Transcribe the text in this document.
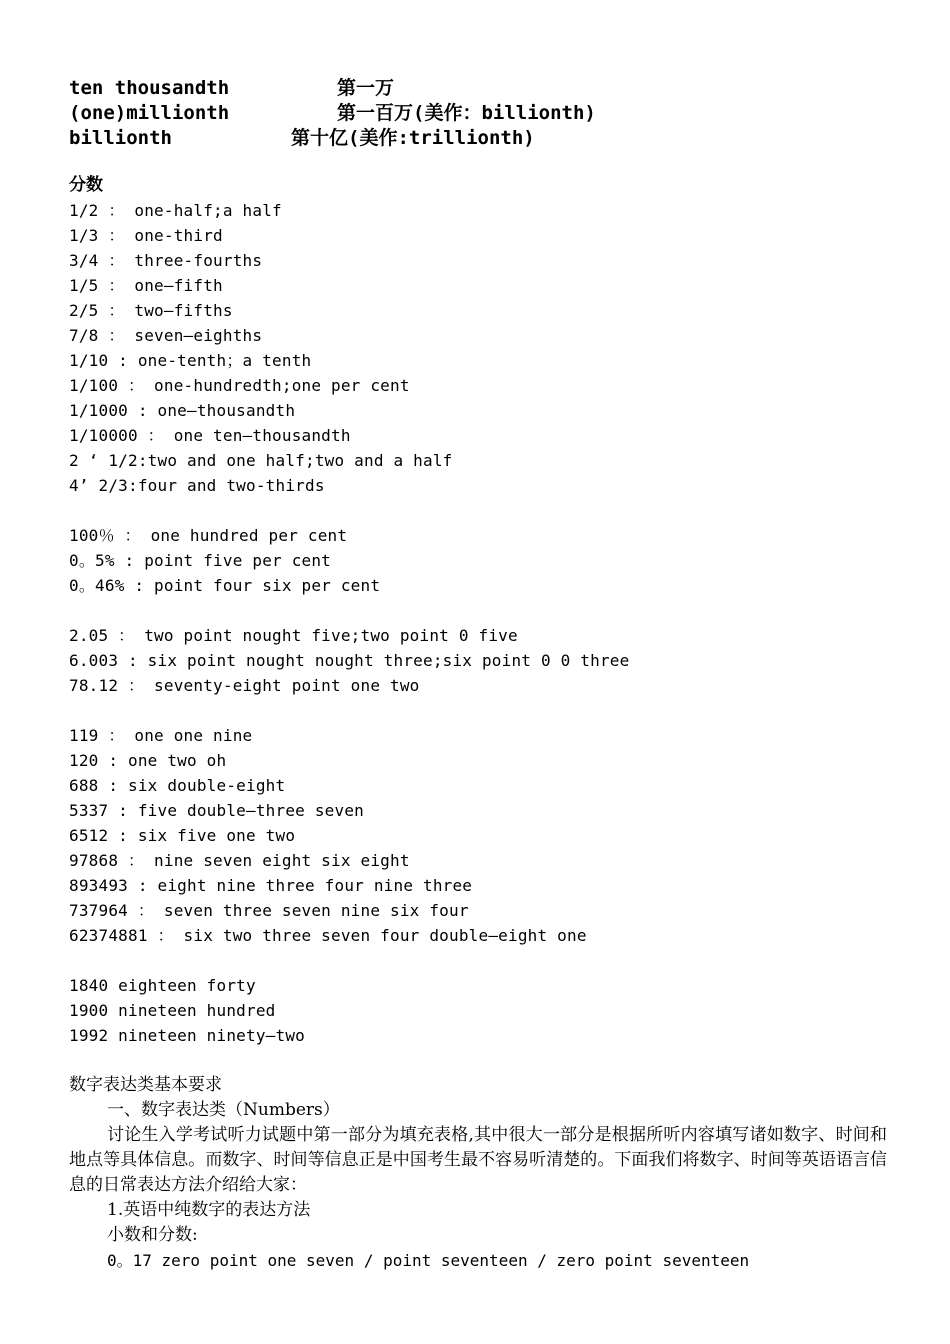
ten thousandth	第一万
(one)millionth	第一百万(美作：billionth)
billionth	第十亿(美作:trillionth)
分数
1/2 ： one-half;a half
1/3 ： one-third
3/4 ： three-fourths
1/5 ： one—fifth
2/5 ： two—fifths
7/8 ： seven—eighths
1/10 : one-tenth；a tenth
1/100 ： one-hundredth;one per cent
1/1000 : one—thousandth
1/10000 ： one ten—thousandth
2 ‘ 1/2:two and one half;two and a half
4’ 2/3:four and two-thirds
100％ ： one hundred per cent
0。5% : point five per cent
0。46% : point four six per cent
2.05 ： two point nought five;two point 0 five
6.003 : six point nought nought three;six point 0 0 three
78.12 ： seventy-eight point one two
119 ： one one nine
120 : one two oh
688 : six double-eight
5337 : five double—three seven
6512 : six five one two
97868 ： nine seven eight six eight
893493 : eight nine three four nine three
737964 ： seven three seven nine six four
62374881 ： six two three seven four double—eight one
1840 eighteen forty
1900 nineteen hundred
1992 nineteen ninety—two
数字表达类基本要求
一、数字表达类（Numbers）
讨论生入学考试听力试题中第一部分为填充表格,其中很大一部分是根据所听内容填写诸如数字、时间和地点等具体信息。而数字、时间等信息正是中国考生最不容易听清楚的。下面我们将数字、时间等英语语言信息的日常表达方法介绍给大家：
1.英语中纯数字的表达方法
小数和分数:
0。17 zero point one seven / point seventeen / zero point seventeen
